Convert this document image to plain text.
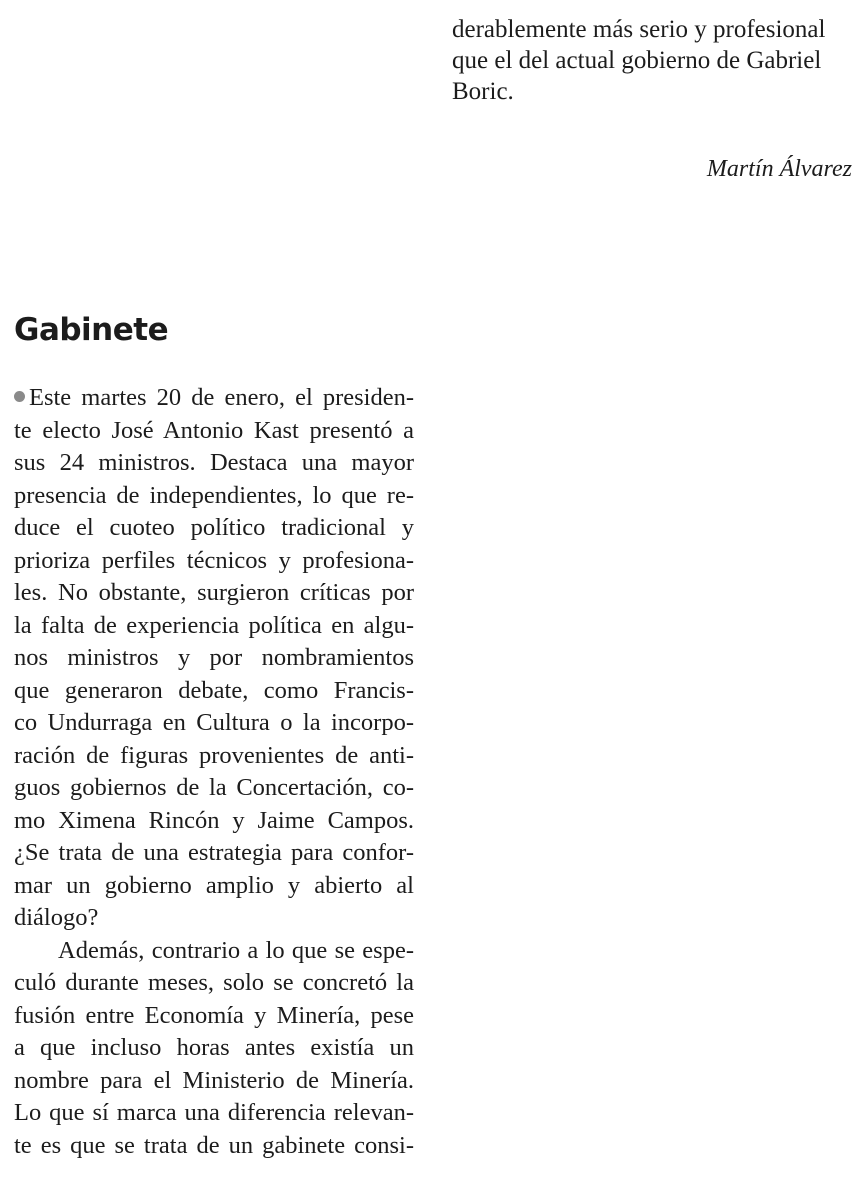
derablemente más serio y profesional
que el del actual gobierno de Gabriel
Boric.
Martín Álvarez
Gabinete
Este martes 20 de enero, el presiden-
te electo José Antonio Kast presentó a
sus 24 ministros. Destaca una mayor
presencia de independientes, lo que re-
duce el cuoteo político tradicional y
prioriza perfiles técnicos y profesiona-
les. No obstante, surgieron críticas por
la falta de experiencia política en algu-
nos ministros y por nombramientos
que generaron debate, como Francis-
co Undurraga en Cultura o la incorpo-
ración de figuras provenientes de anti-
guos gobiernos de la Concertación, co-
mo Ximena Rincón y Jaime Campos.
¿Se trata de una estrategia para confor-
mar un gobierno amplio y abierto al
diálogo?
Además, contrario a lo que se espe-
culó durante meses, solo se concretó la
fusión entre Economía y Minería, pese
a que incluso horas antes existía un
nombre para el Ministerio de Minería.
Lo que sí marca una diferencia relevan-
te es que se trata de un gabinete consi-
